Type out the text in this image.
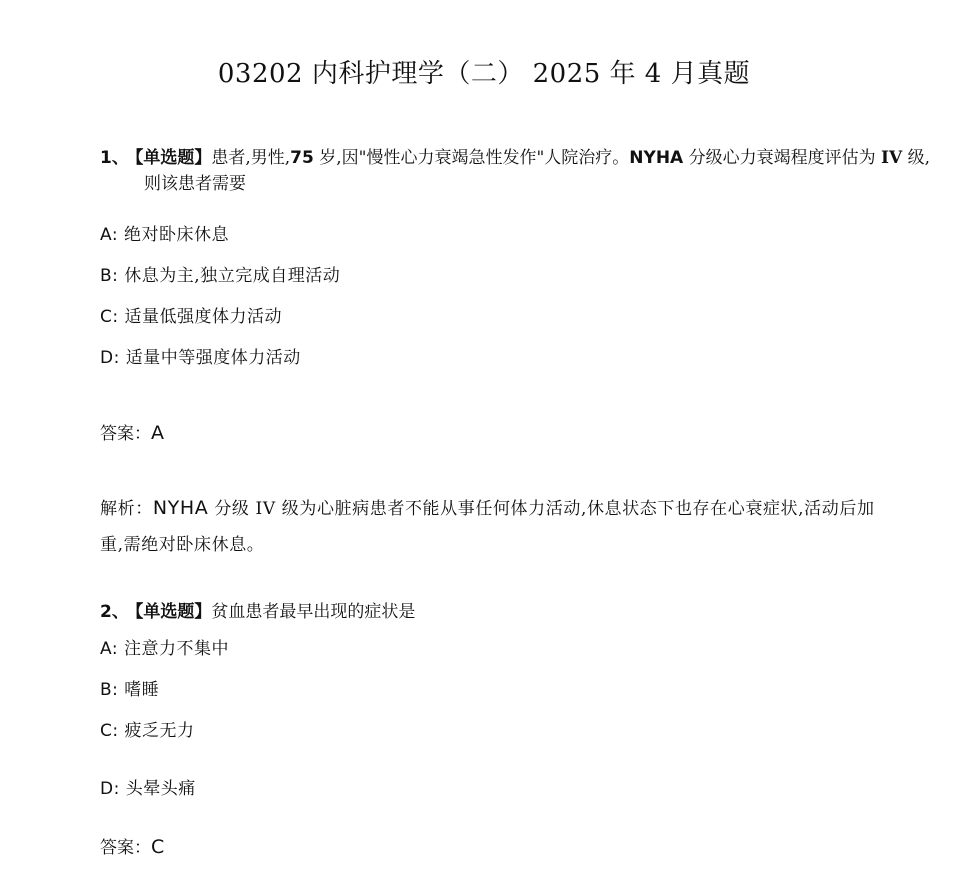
03202 内科护理学（二） 2025 年 4 月真题
1、 【单选题】患者,男性,75 岁,因"慢性心力衰竭急性发作"人院治疗。NYHA 分级心力衰竭程度评估为 IV 级,则该患者需要
A: 绝对卧床休息
B: 休息为主,独立完成自理活动
C: 适量低强度体力活动
D: 适量中等强度体力活动
答案：A
解析：NYHA 分级 IV 级为心脏病患者不能从事任何体力活动,休息状态下也存在心衰症状,活动后加重,需绝对卧床休息。
2、 【单选题】贫血患者最早出现的症状是
A: 注意力不集中
B: 嗜睡
C: 疲乏无力
D: 头晕头痛
答案：C
